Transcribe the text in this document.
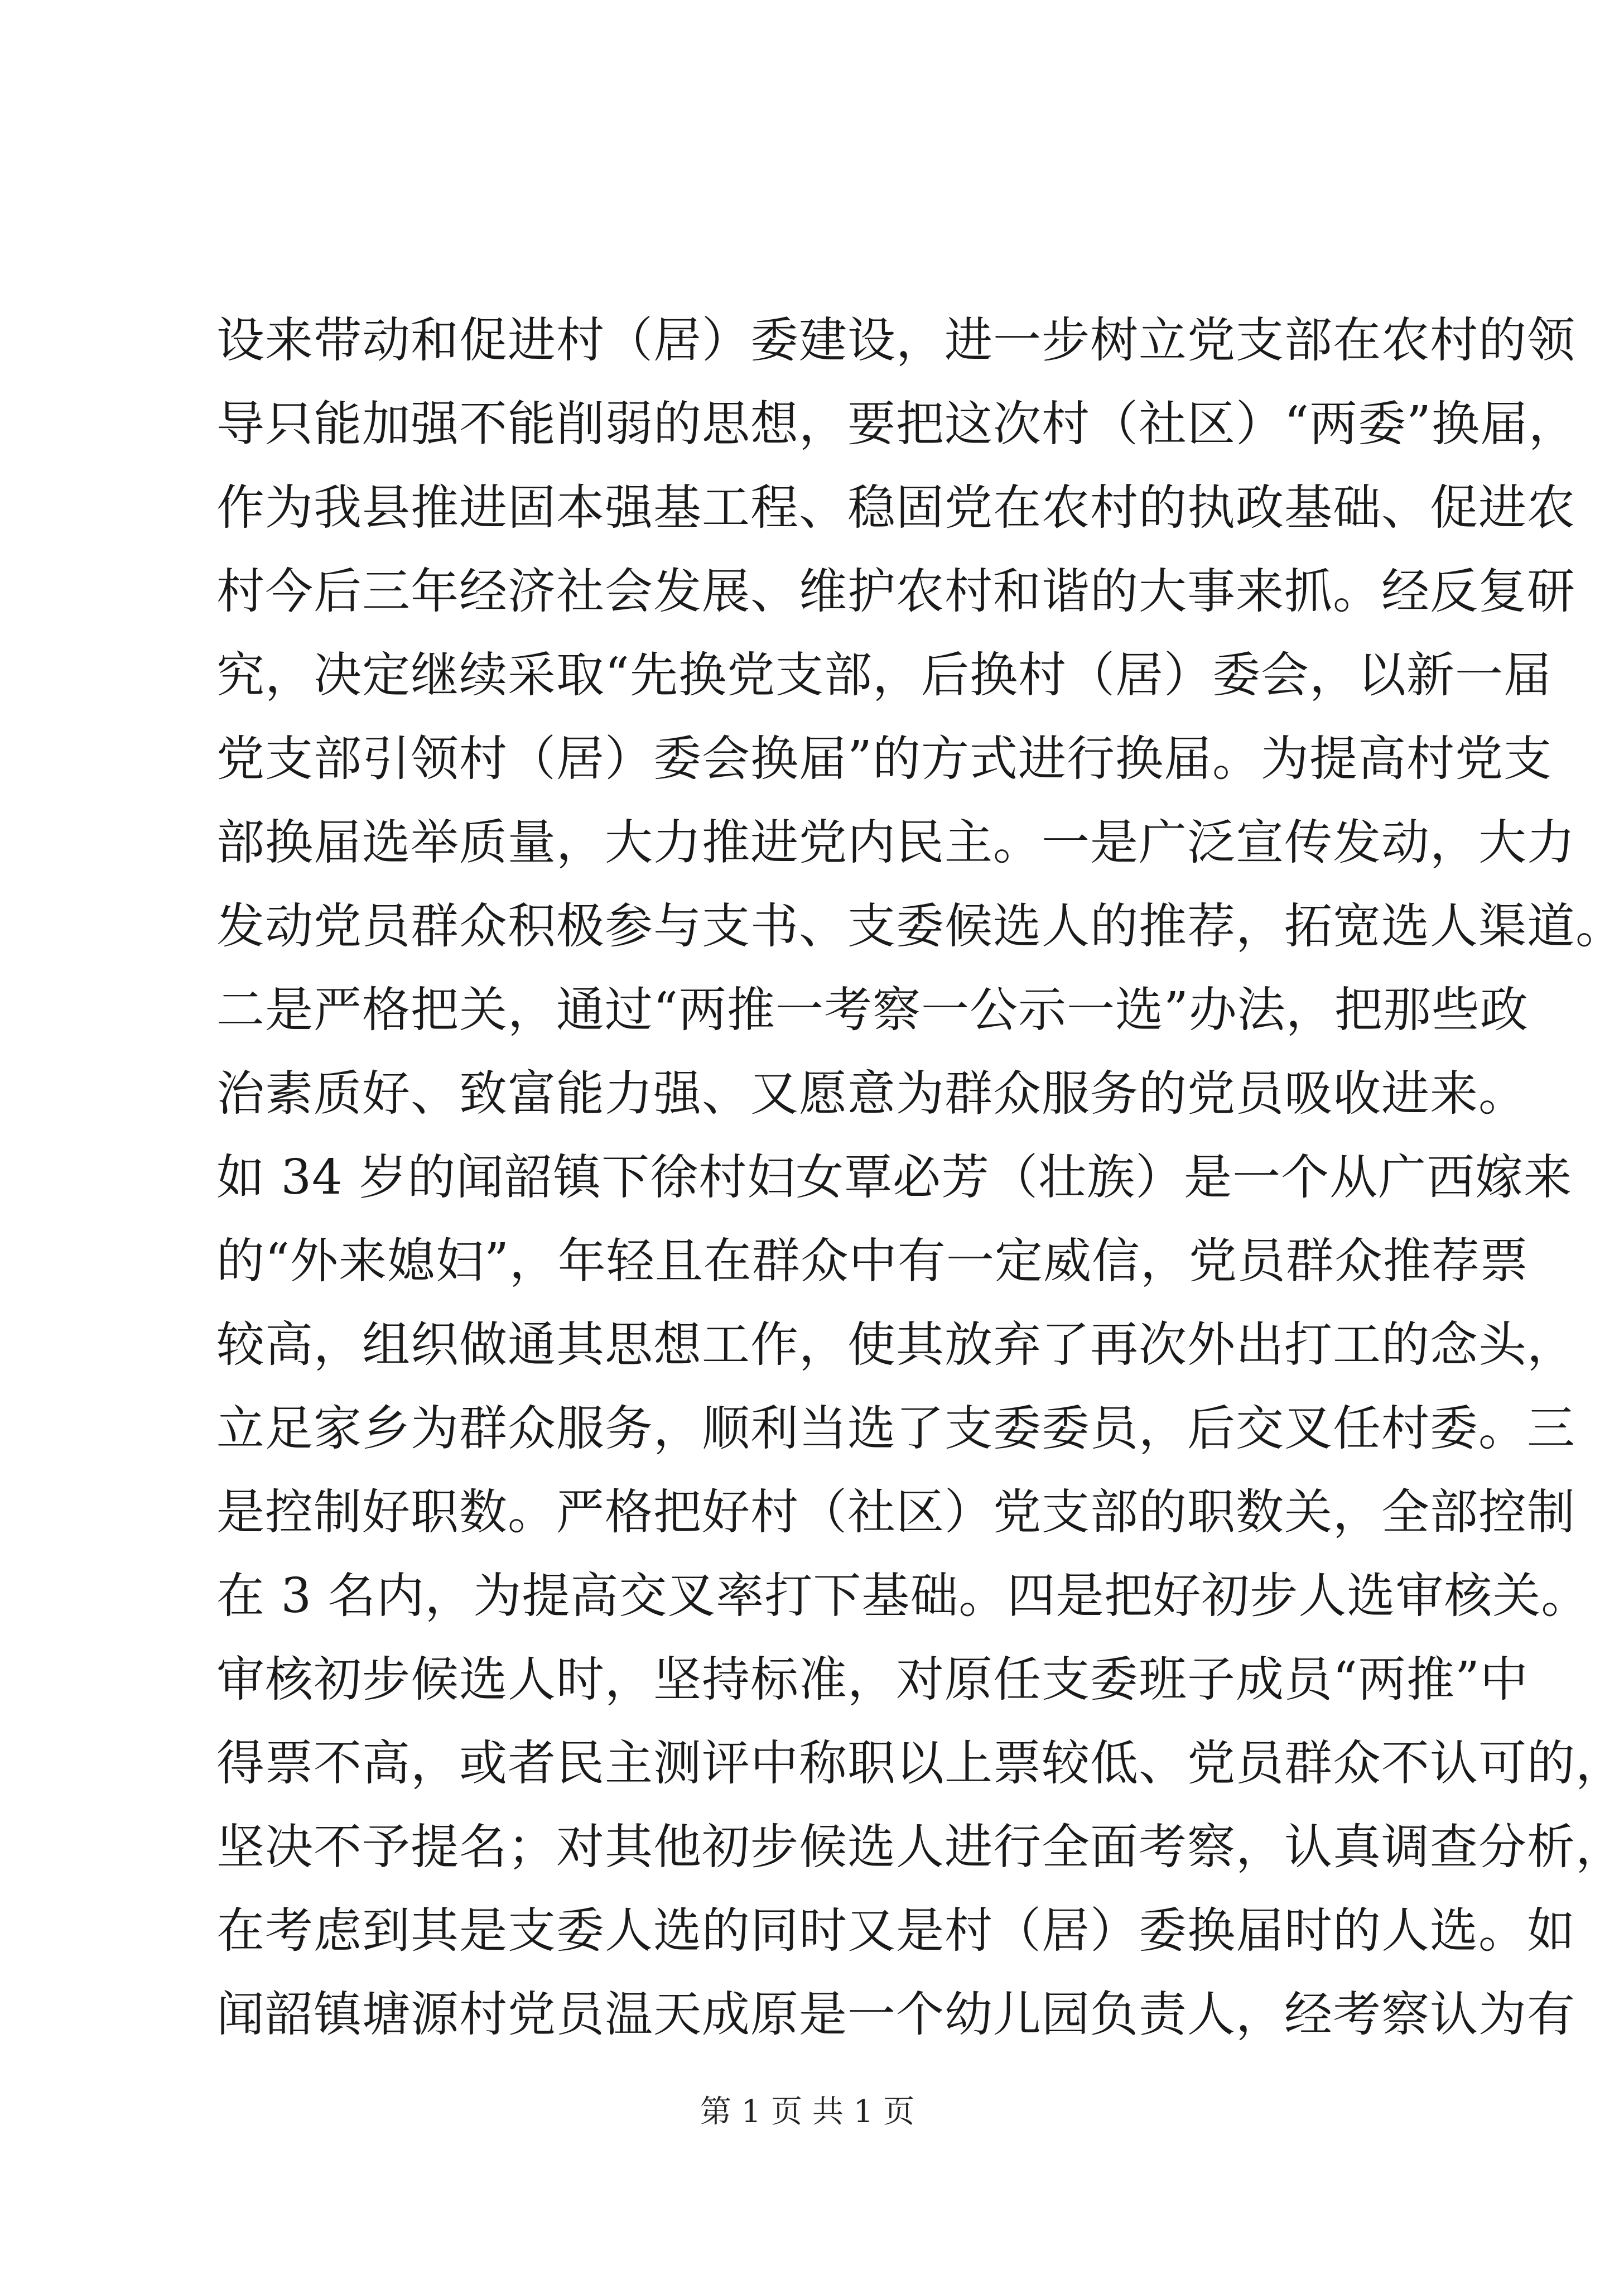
设来带动和促进村（居）委建设，进一步树立党支部在农村的领
导只能加强不能削弱的思想，要把这次村（社区）“两委”换届，
作为我县推进固本强基工程、稳固党在农村的执政基础、促进农
村今后三年经济社会发展、维护农村和谐的大事来抓。经反复研
究，决定继续采取“先换党支部，后换村（居）委会，以新一届
党支部引领村（居）委会换届”的方式进行换届。为提高村党支
部换届选举质量，大力推进党内民主。一是广泛宣传发动，大力
发动党员群众积极参与支书、支委候选人的推荐，拓宽选人渠道。
二是严格把关，通过“两推一考察一公示一选”办法，把那些政
治素质好、致富能力强、又愿意为群众服务的党员吸收进来。
如 34 岁的闻韶镇下徐村妇女覃必芳（壮族）是一个从广西嫁来
的“外来媳妇”，年轻且在群众中有一定威信，党员群众推荐票
较高，组织做通其思想工作，使其放弃了再次外出打工的念头，
立足家乡为群众服务，顺利当选了支委委员，后交叉任村委。三
是控制好职数。严格把好村（社区）党支部的职数关，全部控制
在 3 名内，为提高交叉率打下基础。四是把好初步人选审核关。
审核初步候选人时，坚持标准，对原任支委班子成员“两推”中
得票不高，或者民主测评中称职以上票较低、党员群众不认可的，
坚决不予提名；对其他初步候选人进行全面考察，认真调查分析，
在考虑到其是支委人选的同时又是村（居）委换届时的人选。如
闻韶镇塘源村党员温天成原是一个幼儿园负责人，经考察认为有
第 1 页 共 1 页
